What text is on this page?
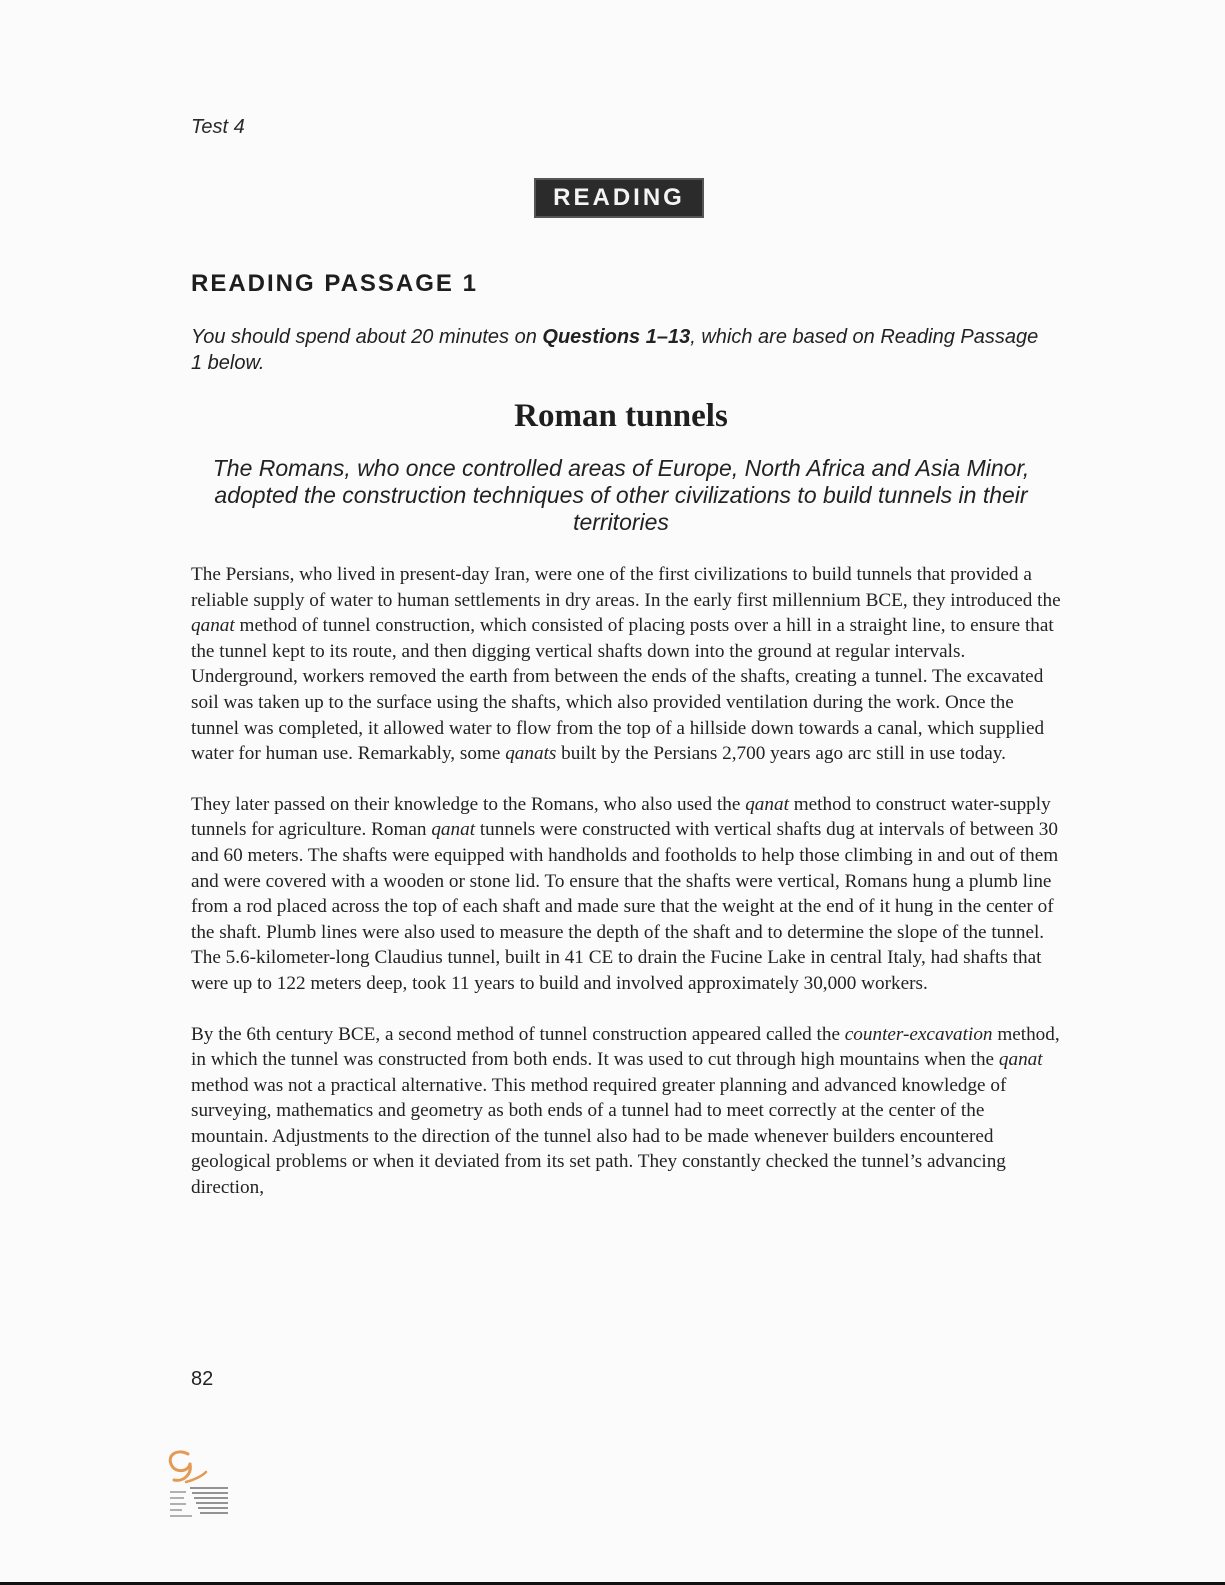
Test 4
READING
READING PASSAGE 1
You should spend about 20 minutes on Questions 1–13, which are based on Reading Passage 1 below.
Roman tunnels
The Romans, who once controlled areas of Europe, North Africa and Asia Minor, adopted the construction techniques of other civilizations to build tunnels in their territories

The Persians, who lived in present-day Iran, were one of the first civilizations to build tunnels that provided a reliable supply of water to human settlements in dry areas. In the early first millennium BCE, they introduced the qanat method of tunnel construction, which consisted of placing posts over a hill in a straight line, to ensure that the tunnel kept to its route, and then digging vertical shafts down into the ground at regular intervals. Underground, workers removed the earth from between the ends of the shafts, creating a tunnel. The excavated soil was taken up to the surface using the shafts, which also provided ventilation during the work. Once the tunnel was completed, it allowed water to flow from the top of a hillside down towards a canal, which supplied water for human use. Remarkably, some qanats built by the Persians 2,700 years ago arc still in use today.

They later passed on their knowledge to the Romans, who also used the qanat method to construct water-supply tunnels for agriculture. Roman qanat tunnels were constructed with vertical shafts dug at intervals of between 30 and 60 meters. The shafts were equipped with handholds and footholds to help those climbing in and out of them and were covered with a wooden or stone lid. To ensure that the shafts were vertical, Romans hung a plumb line from a rod placed across the top of each shaft and made sure that the weight at the end of it hung in the center of the shaft. Plumb lines were also used to measure the depth of the shaft and to determine the slope of the tunnel. The 5.6-kilometer-long Claudius tunnel, built in 41 CE to drain the Fucine Lake in central Italy, had shafts that were up to 122 meters deep, took 11 years to build and involved approximately 30,000 workers.

By the 6th century BCE, a second method of tunnel construction appeared called the counter-excavation method, in which the tunnel was constructed from both ends. It was used to cut through high mountains when the qanat method was not a practical alternative. This method required greater planning and advanced knowledge of surveying, mathematics and geometry as both ends of a tunnel had to meet correctly at the center of the mountain. Adjustments to the direction of the tunnel also had to be made whenever builders encountered geological problems or when it deviated from its set path. They constantly checked the tunnel’s advancing direction,

82
